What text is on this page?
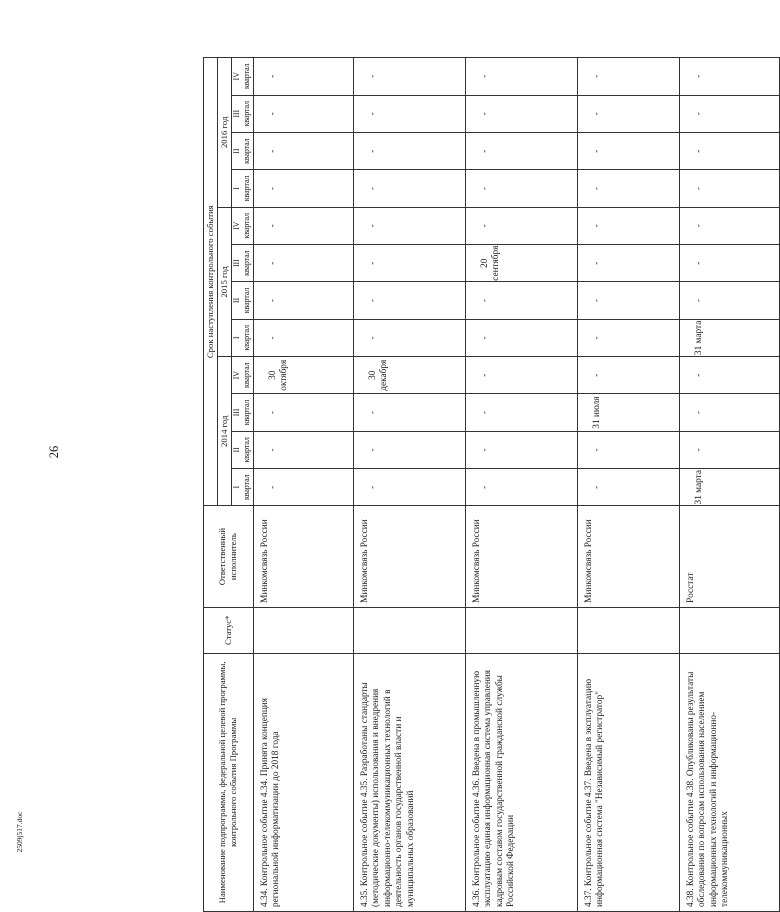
26
2509j517.doc	Наименование подпрограммы, федеральной целевой программы, контрольного события Программы	Статус*	Ответственный исполнитель	Срок наступления контрольного события											
			2014 год				2015 год				2016 год			

			I квартал	II квартал	III квартал	IV квартал	I квартал	II квартал	III квартал	IV квартал	I квартал	II квартал	III квартал	IV квартал

4.34. Контрольное событие 4.34. Принята концепция региональной информатизации до 2018 года		Минкомсвязь России	-	-	-	30 октября	-	-	-	-	-	-	-	-
4.35. Контрольное событие 4.35. Разработаны стандарты (методические документы) использования и внедрения информационно-телекоммуникационных технологий в деятельность органов государственной власти и муниципальных образований		Минкомсвязь России	-	-	-	30 декабря	-	-	-	-	-	-	-	-
4.36. Контрольное событие 4.36. Введена в промышленную эксплуатацию единая информационная система управления кадровым составом государственной гражданской службы Российской Федерации		Минкомсвязь России	-	-	-	-	-	-	20 сентября	-	-	-	-	-
4.37. Контрольное событие 4.37. Введена в эксплуатацию информационная система "Независимый регистратор"		Минкомсвязь России	-	-	31 июля	-	-	-	-	-	-	-	-	-
4.38. Контрольное событие 4.38. Опубликованы результаты обследования по вопросам использования населением информационных технологий и информационно-телекоммуникационных		Росстат	31 марта	-	-	-	31 марта	-	-	-	-	-	-	-
